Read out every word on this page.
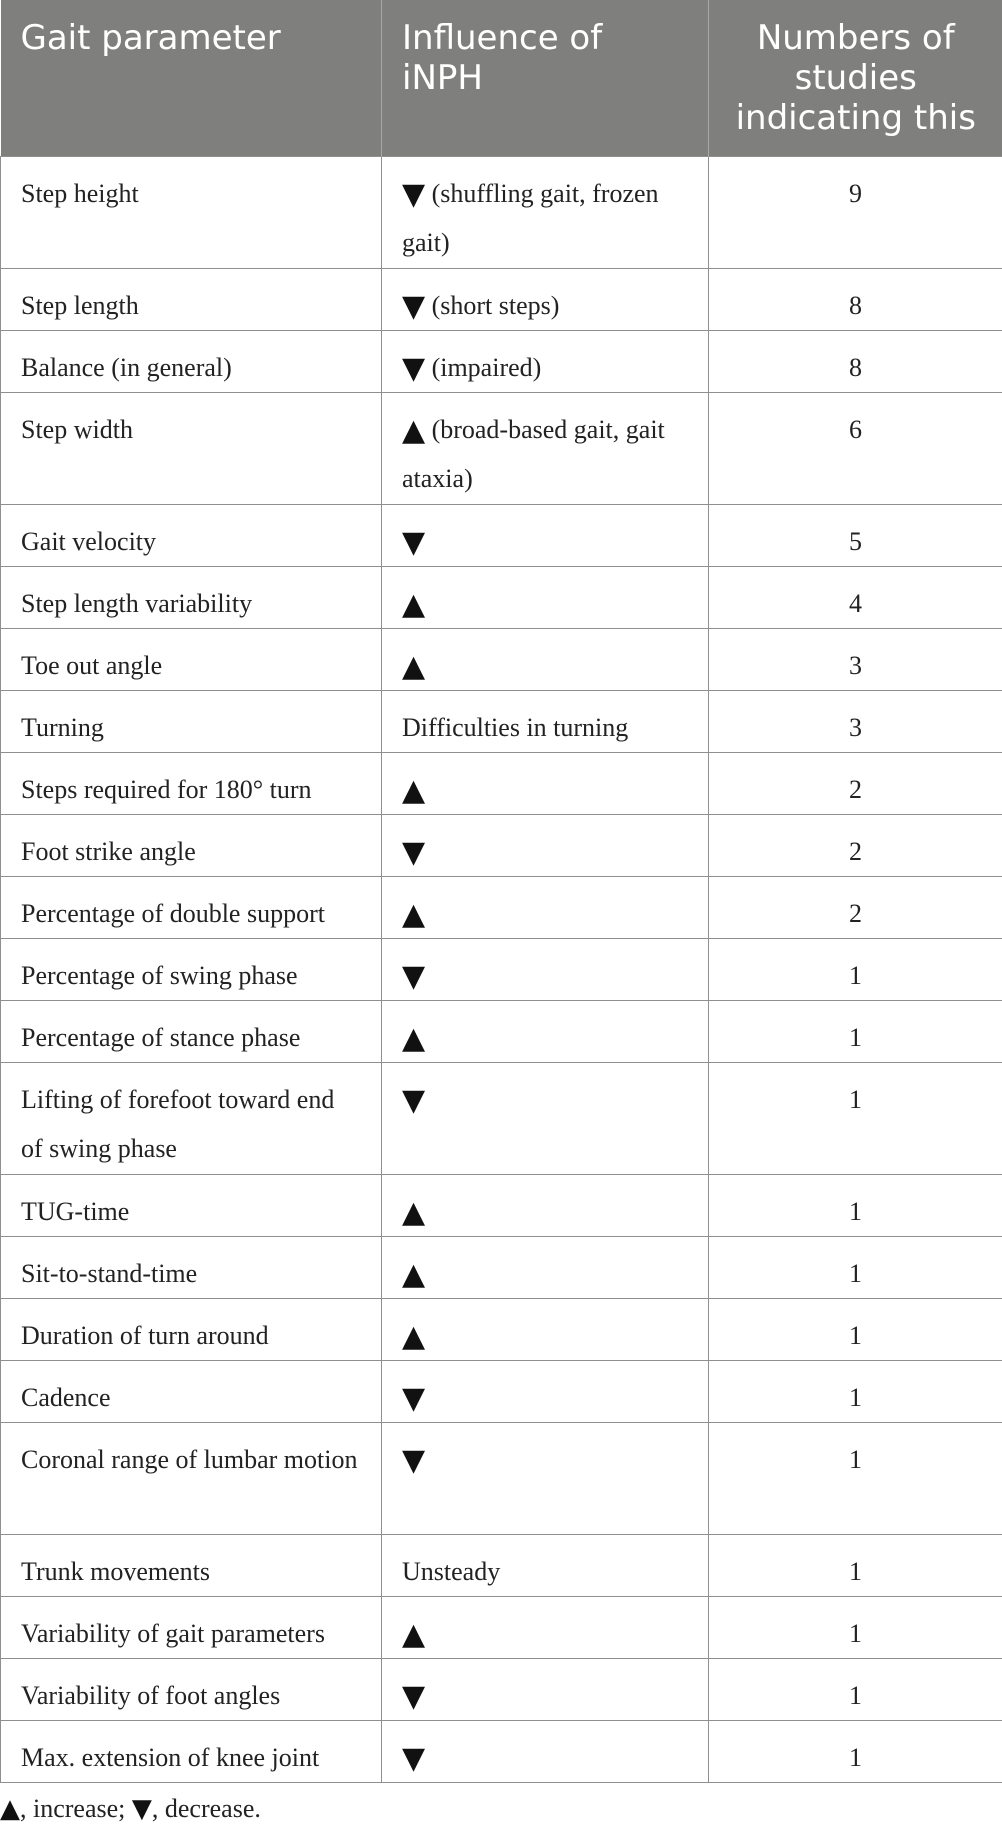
Gait parameter	Influence of iNPH	Numbers of studies indicating this
Step height	▼ (shuffling gait, frozen gait)	9
Step length	▼ (short steps)	8
Balance (in general)	▼ (impaired)	8
Step width	▲ (broad-based gait, gait ataxia)	6
Gait velocity	▼	5
Step length variability	▲	4
Toe out angle	▲	3
Turning	Difficulties in turning	3
Steps required for 180° turn	▲	2
Foot strike angle	▼	2
Percentage of double support	▲	2
Percentage of swing phase	▼	1
Percentage of stance phase	▲	1
Lifting of forefoot toward end of swing phase	▼	1
TUG-time	▲	1
Sit-to-stand-time	▲	1
Duration of turn around	▲	1
Cadence	▼	1
Coronal range of lumbar motion	▼	1
Trunk movements	Unsteady	1
Variability of gait parameters	▲	1
Variability of foot angles	▼	1
Max. extension of knee joint	▼	1
▲, increase; ▼, decrease.
